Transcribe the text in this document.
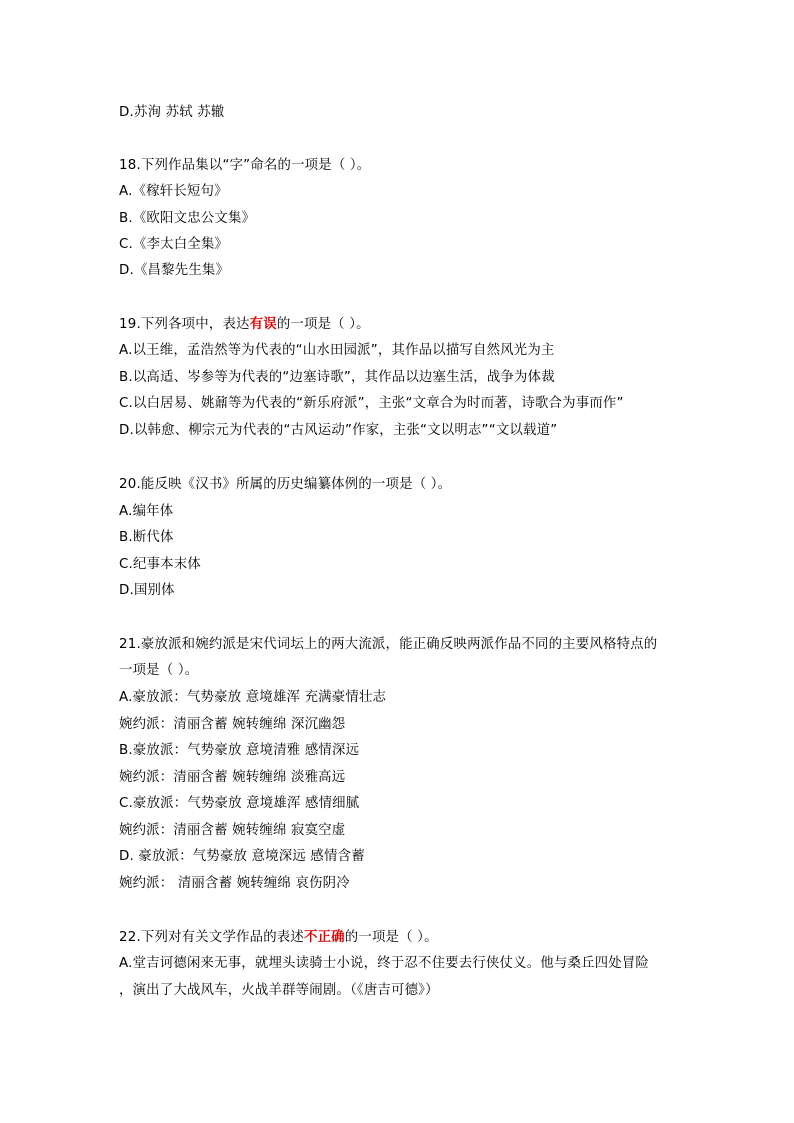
D.苏洵 苏轼 苏辙
18.下列作品集以“字”命名的一项是（ ）。
A.《稼轩长短句》
B.《欧阳文忠公文集》
C.《李太白全集》
D.《昌黎先生集》
19.下列各项中，表达有误的一项是（ ）。
A.以王维，孟浩然等为代表的“山水田园派”，其作品以描写自然风光为主
B.以高适、岑参等为代表的“边塞诗歌”，其作品以边塞生活，战争为体裁
C.以白居易、姚鼐等为代表的“新乐府派”，主张“文章合为时而著，诗歌合为事而作”
D.以韩愈、柳宗元为代表的“古风运动”作家，主张“文以明志”“文以载道”
20.能反映《汉书》所属的历史编纂体例的一项是（ ）。
A.编年体
B.断代体
C.纪事本末体
D.国别体
21.豪放派和婉约派是宋代词坛上的两大流派，能正确反映两派作品不同的主要风格特点的
一项是（ ）。
A.豪放派：气势豪放 意境雄浑 充满豪情壮志
婉约派：清丽含蓄 婉转缠绵 深沉幽怨
B.豪放派：气势豪放 意境清雅 感情深远
婉约派：清丽含蓄 婉转缠绵 淡雅高远
C.豪放派：气势豪放 意境雄浑 感情细腻
婉约派：清丽含蓄 婉转缠绵 寂寞空虚
D. 豪放派：气势豪放 意境深远 感情含蓄
婉约派： 清丽含蓄 婉转缠绵 哀伤阴冷
22.下列对有关文学作品的表述不正确的一项是（ ）。
A.堂吉诃德闲来无事，就埋头读骑士小说，终于忍不住要去行侠仗义。他与桑丘四处冒险
，演出了大战风车，火战羊群等闹剧。（《唐吉可德》）
